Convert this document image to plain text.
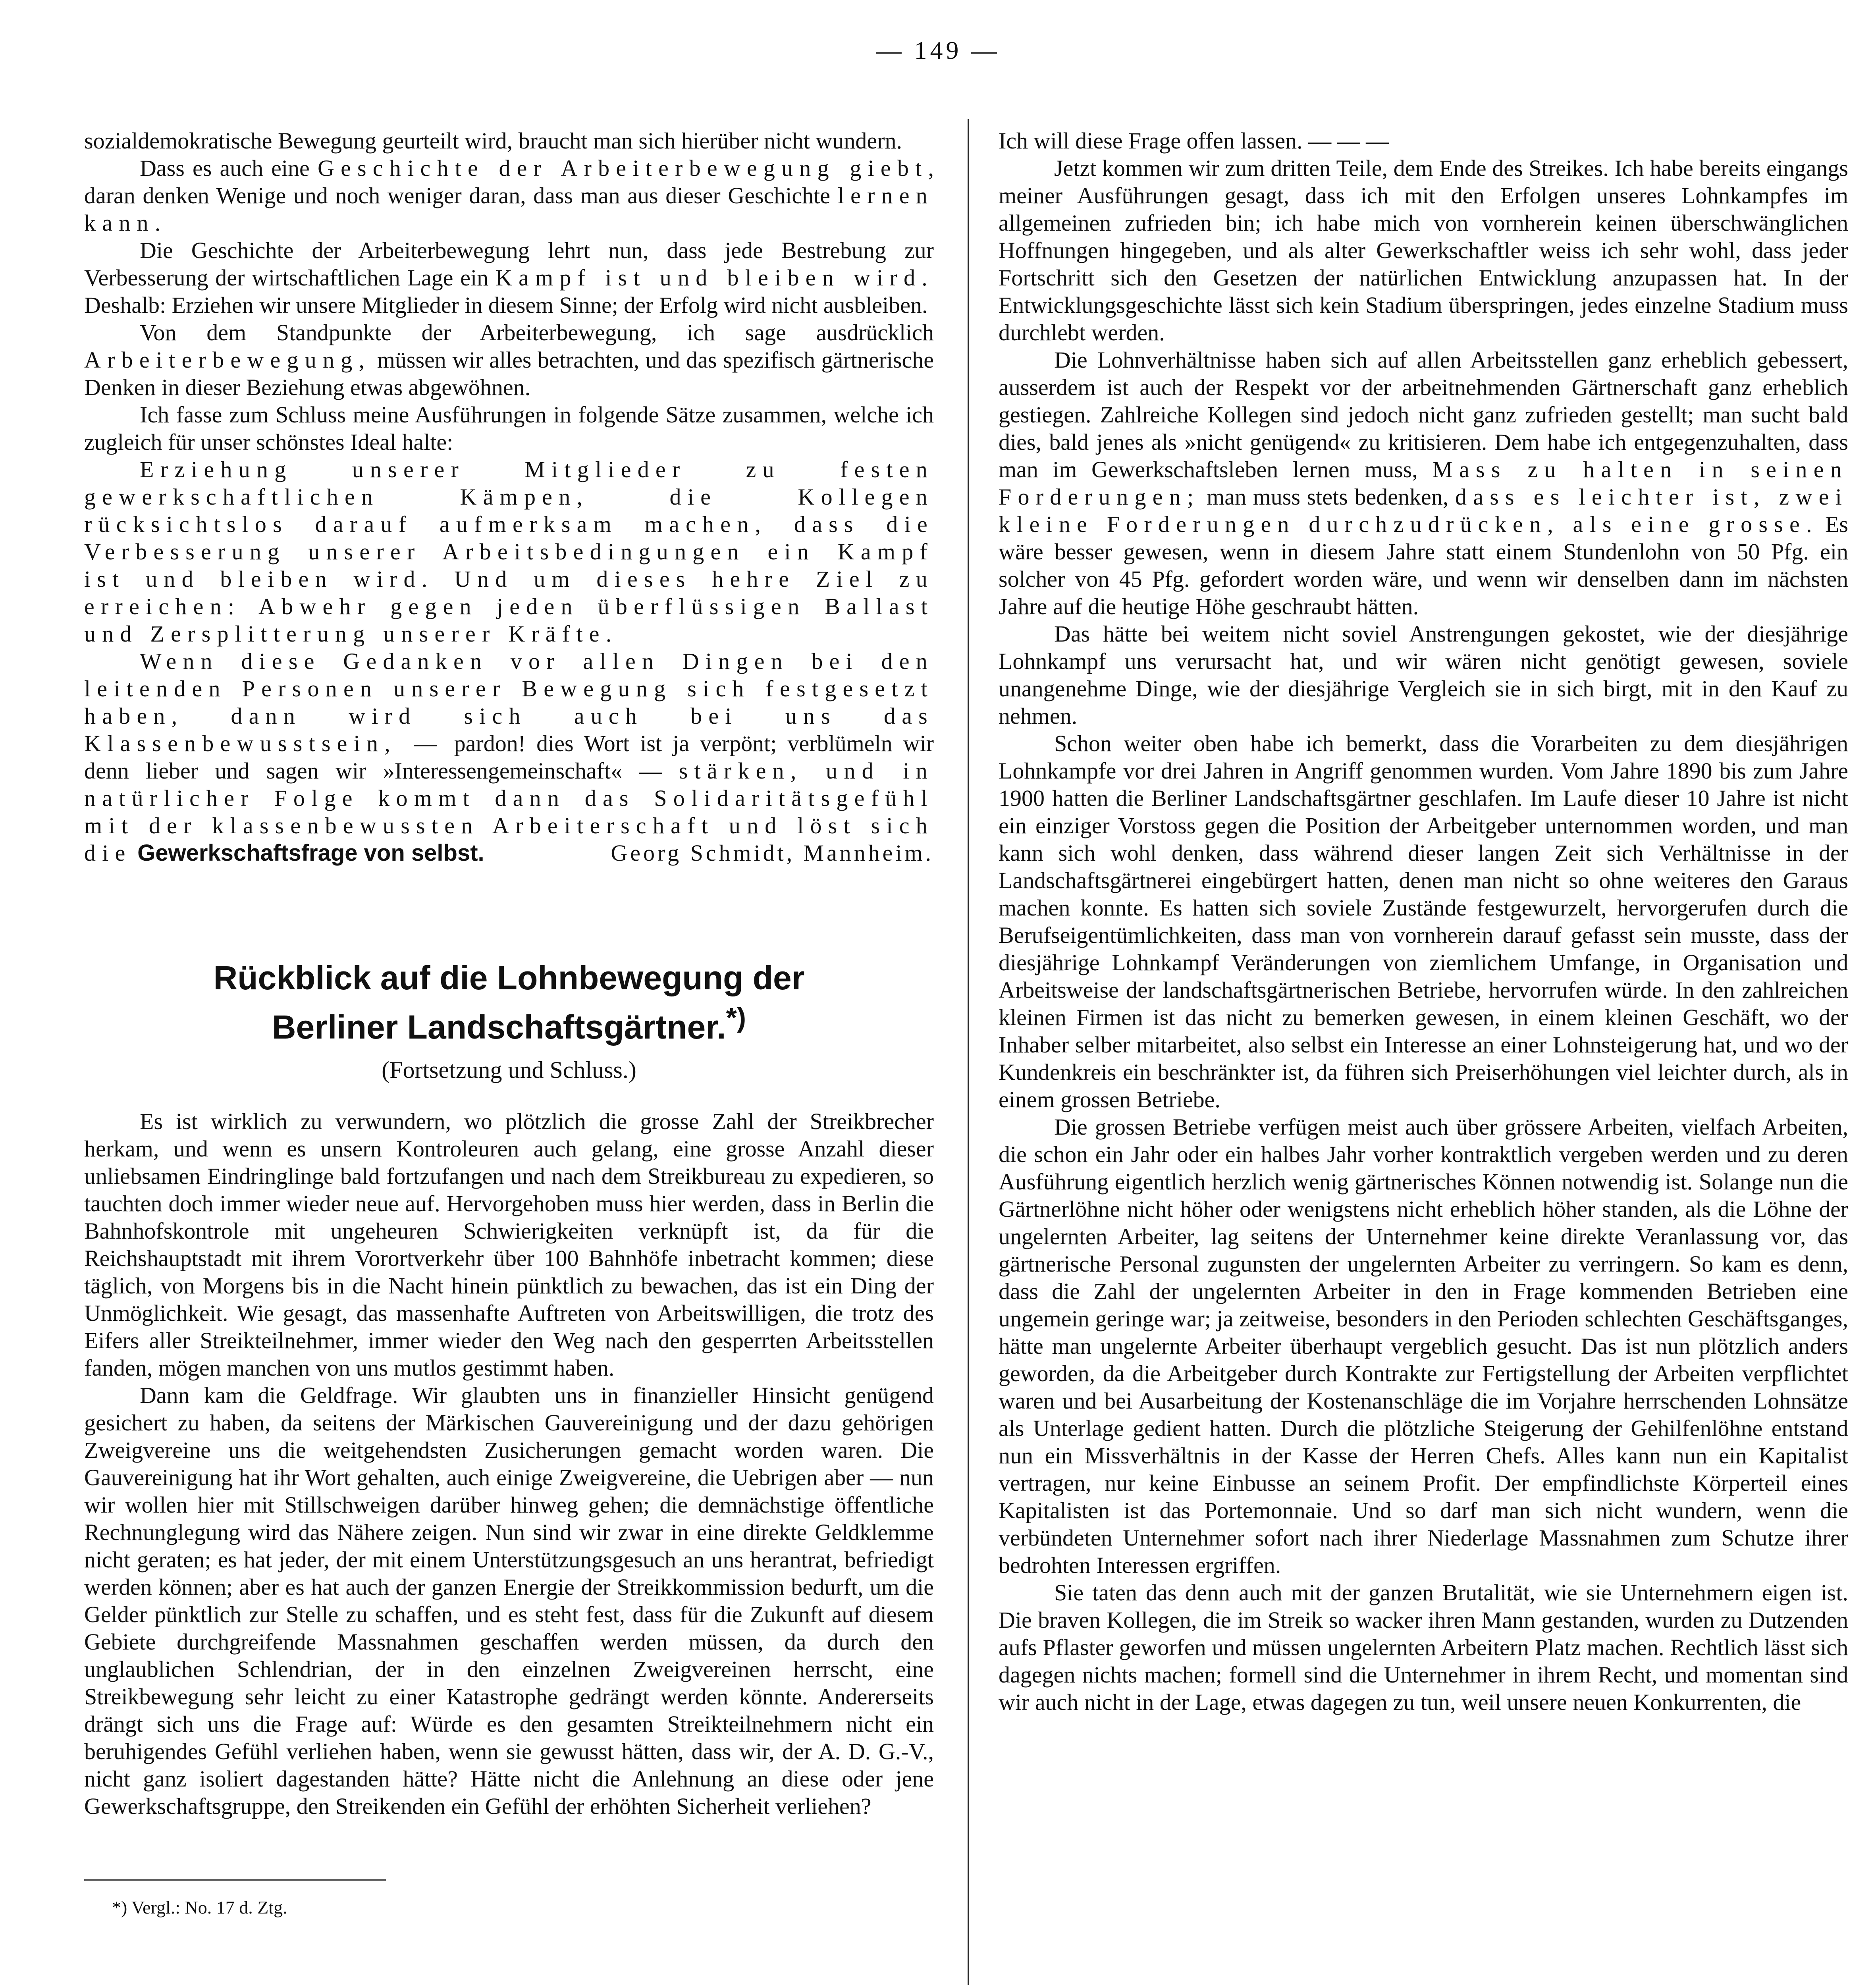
— 149 —

sozialdemokratische Bewegung geurteilt wird, braucht man sich hierüber nicht wundern.

Dass es auch eine Geschichte der Arbeiterbewegung giebt, daran denken Wenige und noch weniger daran, dass man aus dieser Geschichte lernen kann.

Die Geschichte der Arbeiterbewegung lehrt nun, dass jede Bestrebung zur Verbesserung der wirtschaftlichen Lage ein Kampf ist und bleiben wird. Deshalb: Erziehen wir unsere Mitglieder in diesem Sinne; der Erfolg wird nicht ausbleiben.

Von dem Standpunkte der Arbeiterbewegung, ich sage ausdrücklich Arbeiterbewegung, müssen wir alles betrachten, und das spezifisch gärtnerische Denken in dieser Beziehung etwas abgewöhnen.

Ich fasse zum Schluss meine Ausführungen in folgende Sätze zusammen, welche ich zugleich für unser schönstes Ideal halte:

Erziehung unserer Mitglieder zu festen gewerkschaftlichen Kämpen, die Kollegen rücksichtslos darauf aufmerksam machen, dass die Verbesserung unserer Arbeitsbedingungen ein Kampf ist und bleiben wird. Und um dieses hehre Ziel zu erreichen: Abwehr gegen jeden überflüssigen Ballast und Zersplitterung unserer Kräfte.

Wenn diese Gedanken vor allen Dingen bei den leitenden Personen unserer Bewegung sich festgesetzt haben, dann wird sich auch bei uns das Klassenbewusstsein, — pardon! dies Wort ist ja verpönt; verblümeln wir denn lieber und sagen wir »Interessengemeinschaft« — stärken, und in natürlicher Folge kommt dann das Solidaritätsgefühl mit der klassenbewussten Arbeiterschaft und löst sich die Gewerkschaftsfrage von selbst.	Georg Schmidt, Mannheim.

Rückblick auf die Lohnbewegung der
Berliner Landschaftsgärtner.*)
(Fortsetzung und Schluss.)

Es ist wirklich zu verwundern, wo plötzlich die grosse Zahl der Streikbrecher herkam, und wenn es unsern Kontroleuren auch gelang, eine grosse Anzahl dieser unliebsamen Eindringlinge bald fortzufangen und nach dem Streikbureau zu expedieren, so tauchten doch immer wieder neue auf. Hervorgehoben muss hier werden, dass in Berlin die Bahnhofskontrole mit ungeheuren Schwierigkeiten verknüpft ist, da für die Reichshauptstadt mit ihrem Vorortverkehr über 100 Bahnhöfe inbetracht kommen; diese täglich, von Morgens bis in die Nacht hinein pünktlich zu bewachen, das ist ein Ding der Unmöglichkeit. Wie gesagt, das massenhafte Auftreten von Arbeitswilligen, die trotz des Eifers aller Streikteilnehmer, immer wieder den Weg nach den gesperrten Arbeitsstellen fanden, mögen manchen von uns mutlos gestimmt haben.

Dann kam die Geldfrage. Wir glaubten uns in finanzieller Hinsicht genügend gesichert zu haben, da seitens der Märkischen Gauvereinigung und der dazu gehörigen Zweigvereine uns die weitgehendsten Zusicherungen gemacht worden waren. Die Gauvereinigung hat ihr Wort gehalten, auch einige Zweigvereine, die Uebrigen aber — nun wir wollen hier mit Stillschweigen darüber hinweg gehen; die demnächstige öffentliche Rechnunglegung wird das Nähere zeigen. Nun sind wir zwar in eine direkte Geldklemme nicht geraten; es hat jeder, der mit einem Unterstützungsgesuch an uns herantrat, befriedigt werden können; aber es hat auch der ganzen Energie der Streikkommission bedurft, um die Gelder pünktlich zur Stelle zu schaffen, und es steht fest, dass für die Zukunft auf diesem Gebiete durchgreifende Massnahmen geschaffen werden müssen, da durch den unglaublichen Schlendrian, der in den einzelnen Zweigvereinen herrscht, eine Streikbewegung sehr leicht zu einer Katastrophe gedrängt werden könnte. Andererseits drängt sich uns die Frage auf: Würde es den gesamten Streikteilnehmern nicht ein beruhigendes Gefühl verliehen haben, wenn sie gewusst hätten, dass wir, der A. D. G.-V., nicht ganz isoliert dagestanden hätte? Hätte nicht die Anlehnung an diese oder jene Gewerkschaftsgruppe, den Streikenden ein Gefühl der erhöhten Sicherheit verliehen?

*) Vergl.: No. 17 d. Ztg.

Ich will diese Frage offen lassen. — — —

Jetzt kommen wir zum dritten Teile, dem Ende des Streikes. Ich habe bereits eingangs meiner Ausführungen gesagt, dass ich mit den Erfolgen unseres Lohnkampfes im allgemeinen zufrieden bin; ich habe mich von vornherein keinen überschwänglichen Hoffnungen hingegeben, und als alter Gewerkschaftler weiss ich sehr wohl, dass jeder Fortschritt sich den Gesetzen der natürlichen Entwicklung anzupassen hat. In der Entwicklungsgeschichte lässt sich kein Stadium überspringen, jedes einzelne Stadium muss durchlebt werden.

Die Lohnverhältnisse haben sich auf allen Arbeitsstellen ganz erheblich gebessert, ausserdem ist auch der Respekt vor der arbeitnehmenden Gärtnerschaft ganz erheblich gestiegen. Zahlreiche Kollegen sind jedoch nicht ganz zufrieden gestellt; man sucht bald dies, bald jenes als »nicht genügend« zu kritisieren. Dem habe ich entgegenzuhalten, dass man im Gewerkschaftsleben lernen muss, Mass zu halten in seinen Forderungen; man muss stets bedenken, dass es leichter ist, zwei kleine Forderungen durchzudrücken, als eine grosse. Es wäre besser gewesen, wenn in diesem Jahre statt einem Stundenlohn von 50 Pfg. ein solcher von 45 Pfg. gefordert worden wäre, und wenn wir denselben dann im nächsten Jahre auf die heutige Höhe geschraubt hätten.

Das hätte bei weitem nicht soviel Anstrengungen gekostet, wie der diesjährige Lohnkampf uns verursacht hat, und wir wären nicht genötigt gewesen, soviele unangenehme Dinge, wie der diesjährige Vergleich sie in sich birgt, mit in den Kauf zu nehmen.

Schon weiter oben habe ich bemerkt, dass die Vorarbeiten zu dem diesjährigen Lohnkampfe vor drei Jahren in Angriff genommen wurden. Vom Jahre 1890 bis zum Jahre 1900 hatten die Berliner Landschaftsgärtner geschlafen. Im Laufe dieser 10 Jahre ist nicht ein einziger Vorstoss gegen die Position der Arbeitgeber unternommen worden, und man kann sich wohl denken, dass während dieser langen Zeit sich Verhältnisse in der Landschaftsgärtnerei eingebürgert hatten, denen man nicht so ohne weiteres den Garaus machen konnte. Es hatten sich soviele Zustände festgewurzelt, hervorgerufen durch die Berufseigentümlichkeiten, dass man von vornherein darauf gefasst sein musste, dass der diesjährige Lohnkampf Veränderungen von ziemlichem Umfange, in Organisation und Arbeitsweise der landschaftsgärtnerischen Betriebe, hervorrufen würde. In den zahlreichen kleinen Firmen ist das nicht zu bemerken gewesen, in einem kleinen Geschäft, wo der Inhaber selber mitarbeitet, also selbst ein Interesse an einer Lohnsteigerung hat, und wo der Kundenkreis ein beschränkter ist, da führen sich Preiserhöhungen viel leichter durch, als in einem grossen Betriebe.

Die grossen Betriebe verfügen meist auch über grössere Arbeiten, vielfach Arbeiten, die schon ein Jahr oder ein halbes Jahr vorher kontraktlich vergeben werden und zu deren Ausführung eigentlich herzlich wenig gärtnerisches Können notwendig ist. Solange nun die Gärtnerlöhne nicht höher oder wenigstens nicht erheblich höher standen, als die Löhne der ungelernten Arbeiter, lag seitens der Unternehmer keine direkte Veranlassung vor, das gärtnerische Personal zugunsten der ungelernten Arbeiter zu verringern. So kam es denn, dass die Zahl der ungelernten Arbeiter in den in Frage kommenden Betrieben eine ungemein geringe war; ja zeitweise, besonders in den Perioden schlechten Geschäftsganges, hätte man ungelernte Arbeiter überhaupt vergeblich gesucht. Das ist nun plötzlich anders geworden, da die Arbeitgeber durch Kontrakte zur Fertigstellung der Arbeiten verpflichtet waren und bei Ausarbeitung der Kostenanschläge die im Vorjahre herrschenden Lohnsätze als Unterlage gedient hatten. Durch die plötzliche Steigerung der Gehilfenlöhne entstand nun ein Missverhältnis in der Kasse der Herren Chefs. Alles kann nun ein Kapitalist vertragen, nur keine Einbusse an seinem Profit. Der empfindlichste Körperteil eines Kapitalisten ist das Portemonnaie. Und so darf man sich nicht wundern, wenn die verbündeten Unternehmer sofort nach ihrer Niederlage Massnahmen zum Schutze ihrer bedrohten Interessen ergriffen.

Sie taten das denn auch mit der ganzen Brutalität, wie sie Unternehmern eigen ist. Die braven Kollegen, die im Streik so wacker ihren Mann gestanden, wurden zu Dutzenden aufs Pflaster geworfen und müssen ungelernten Arbeitern Platz machen. Rechtlich lässt sich dagegen nichts machen; formell sind die Unternehmer in ihrem Recht, und momentan sind wir auch nicht in der Lage, etwas dagegen zu tun, weil unsere neuen Konkurrenten, die
